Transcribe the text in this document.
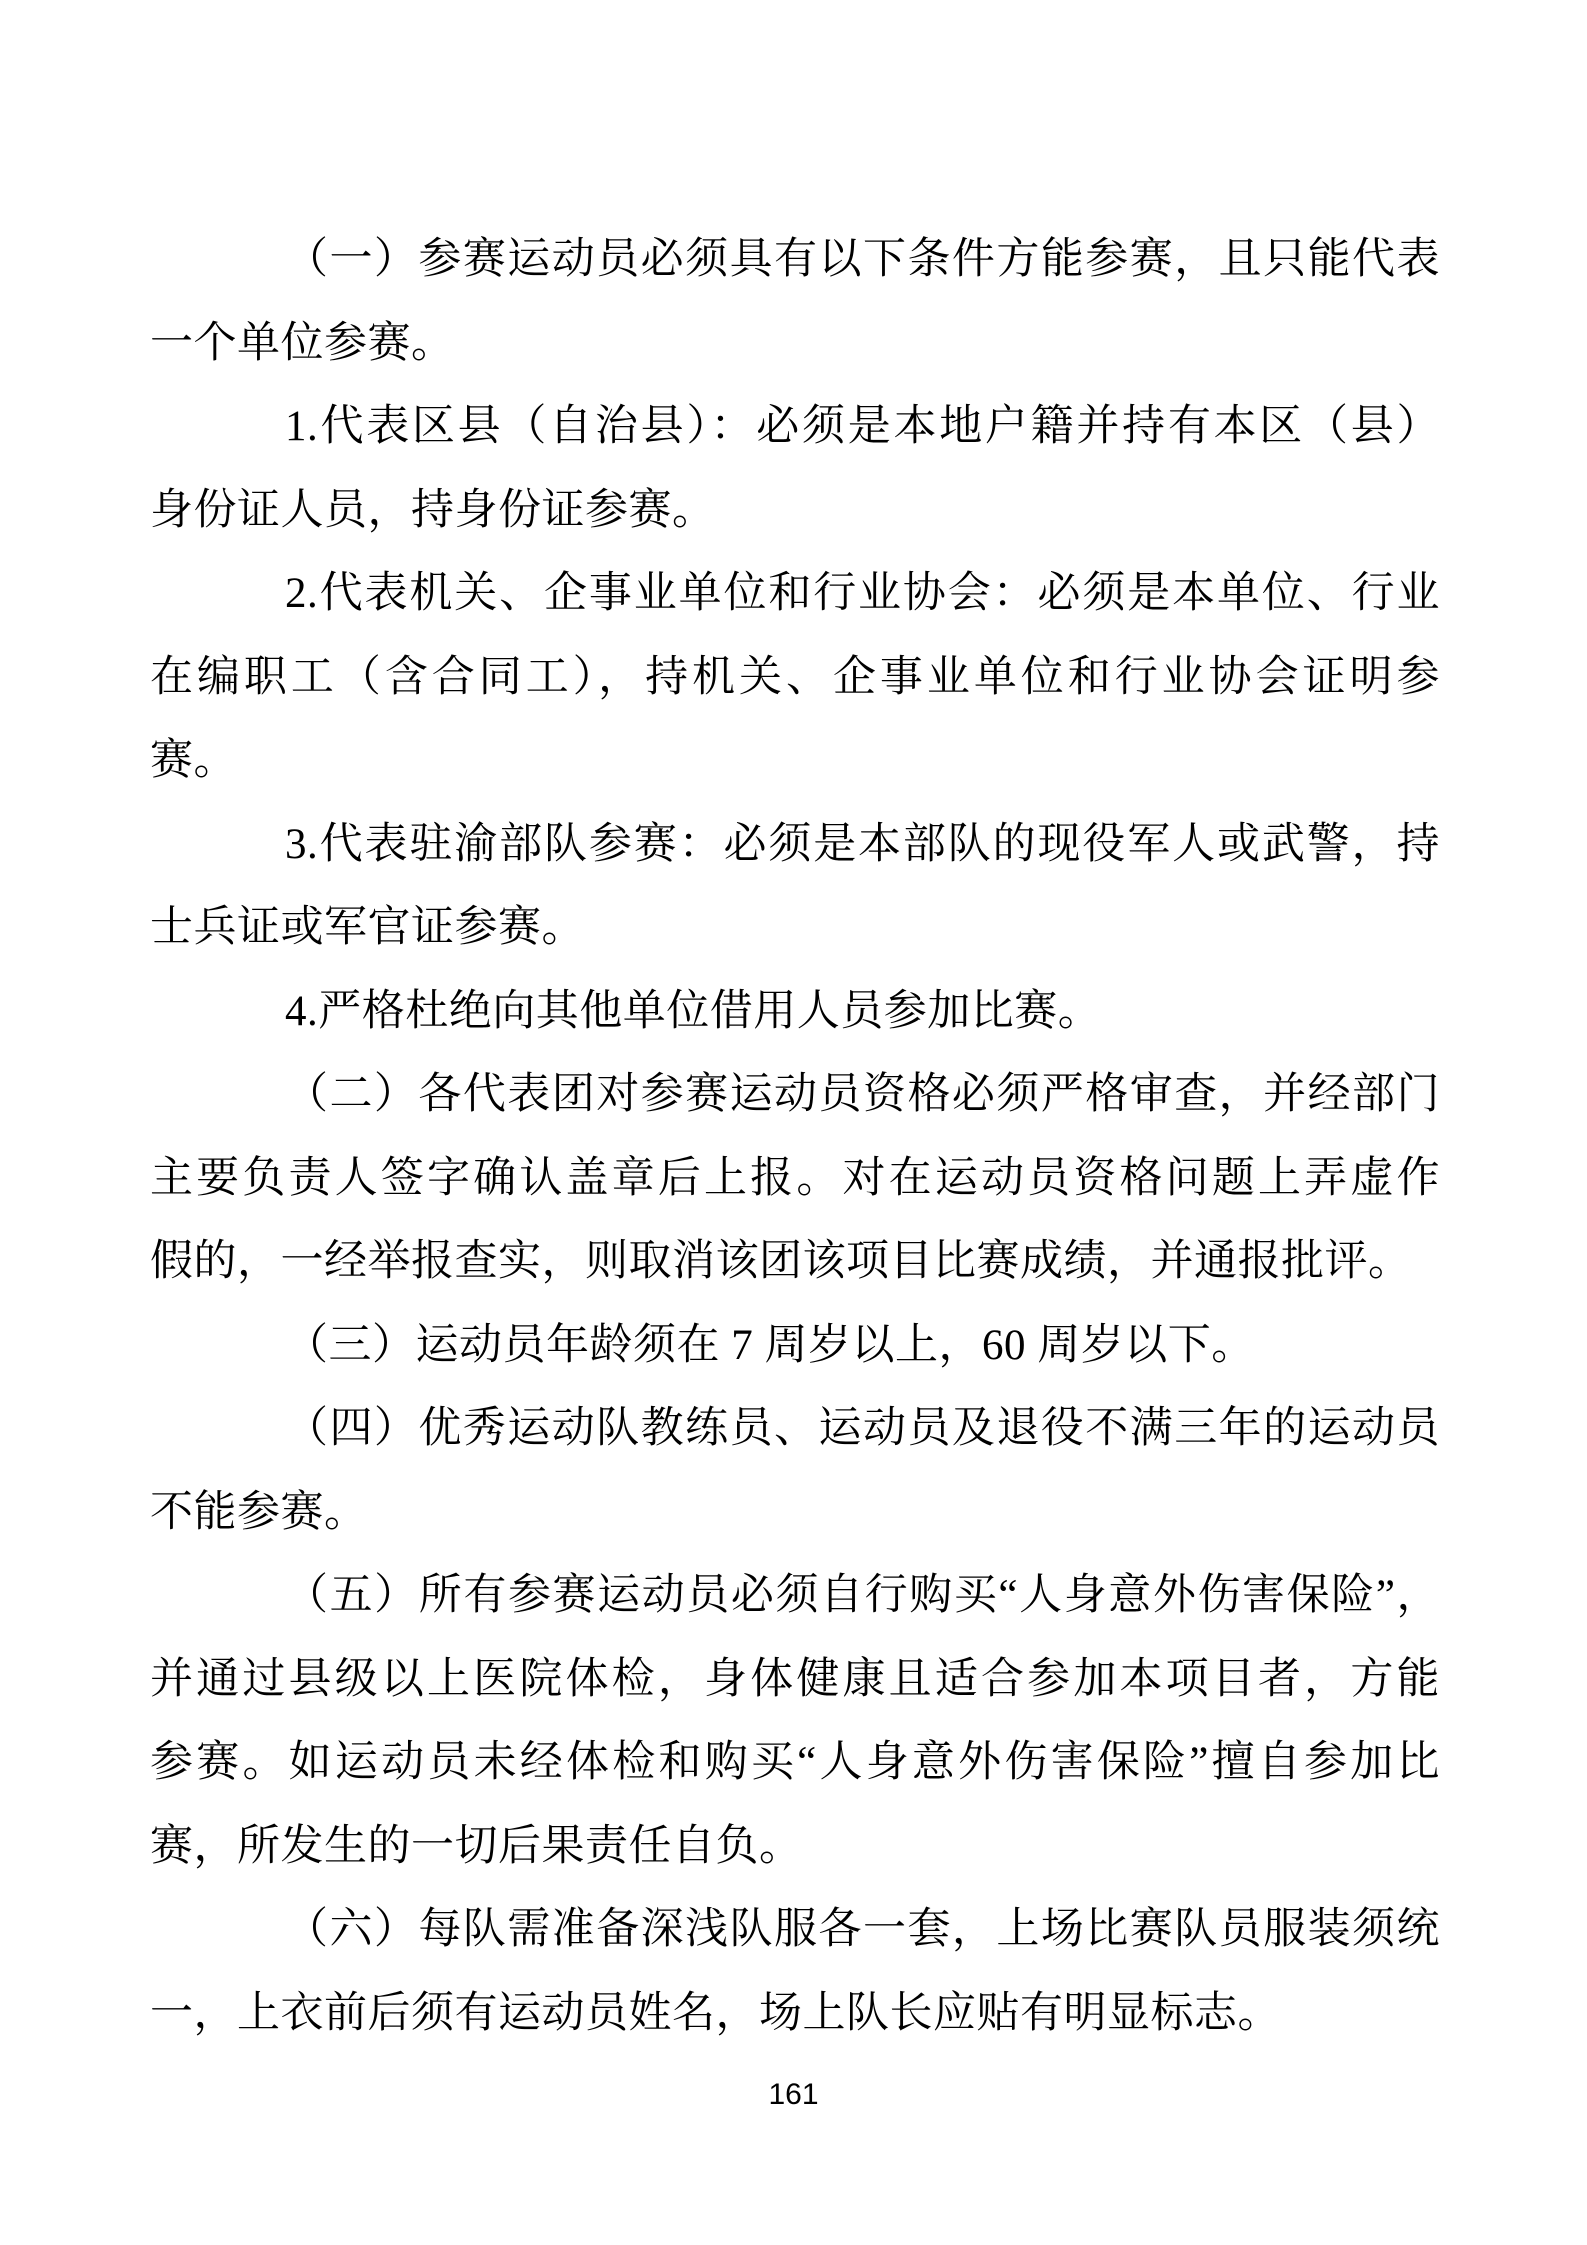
（一）参赛运动员必须具有以下条件方能参赛，且只能代表
一个单位参赛。
1.代表区县（自治县）：必须是本地户籍并持有本区（县）
身份证人员，持身份证参赛。
2.代表机关、企事业单位和行业协会：必须是本单位、行业
在编职工（含合同工），持机关、企事业单位和行业协会证明参
赛。
3.代表驻渝部队参赛：必须是本部队的现役军人或武警，持
士兵证或军官证参赛。
4.严格杜绝向其他单位借用人员参加比赛。
（二）各代表团对参赛运动员资格必须严格审查，并经部门
主要负责人签字确认盖章后上报。对在运动员资格问题上弄虚作
假的，一经举报查实，则取消该团该项目比赛成绩，并通报批评。
（三）运动员年龄须在 7 周岁以上，60 周岁以下。
（四）优秀运动队教练员、运动员及退役不满三年的运动员
不能参赛。
（五）所有参赛运动员必须自行购买“人身意外伤害保险”，
并通过县级以上医院体检，身体健康且适合参加本项目者，方能
参赛。如运动员未经体检和购买“人身意外伤害保险”擅自参加比
赛，所发生的一切后果责任自负。
（六）每队需准备深浅队服各一套，上场比赛队员服装须统
一，上衣前后须有运动员姓名，场上队长应贴有明显标志。
161
